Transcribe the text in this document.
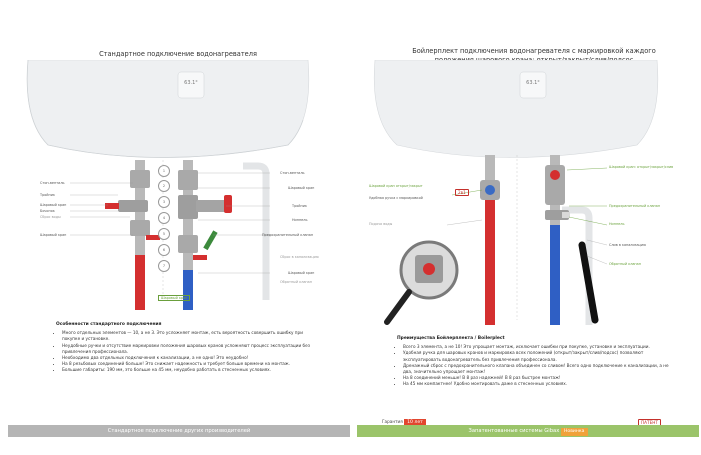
Стандартное подключение водонагревателя
63.1°
1
2
3
4
5
6
7
Стоп-вентиль
Тройник
Шаровый кран
Бочонок
Сброс воды
Шаровый кран
Стоп-вентиль
Шаровый кран
Тройник
Ниппель
Предохранительный клапан
Сброс в канализацию
Шаровый кран
Обратный клапан
ГВС
ХВС
Шаровый кран
Особенности стандартного подключения
• Много отдельных элементов — 10, а не 3. Это усложняет монтаж, есть вероятность совершить ошибку при покупке и установке.
• Неудобные ручки и отсутствие маркировки положения шаровых кранов усложняют процесс эксплуатации без привлечения профессионала.
• Необходимо два отдельных подключения к канализации, а не одно! Это неудобно!
• На 8 резьбовых соединений больше! Это снижает надежность и требует больше времени на монтаж.
• Большие габариты: 190 мм, это больше на 45 мм, неудобно работать в стесненных условиях.
Стандартное подключение других производителей
Бойлерплект подключения водонагревателя с маркировкой каждого
63.1°
Шаровой кран открыт/закрыт
Удобная ручка с маркировкой
Подача воды
2в1
Шаровой кран: открыт/закрыт/слив
Предохранительный клапан
Ниппель
Слив в канализацию
Обратный клапан
Преимущества Бойлерплекта / Boilerplect
• Всего 3 элемента, а не 10! Это упрощает монтаж, исключает ошибки при покупке, установке и эксплуатации.
• Удобная ручка для шаровых кранов и маркировка всех положений (открыт/закрыт/слив/подсос) позволяют эксплуатировать водонагреватель без привлечения профессионала.
• Дренажный сброс с предохранительного клапана объединен со сливом! Всего одно подключение к канализации, а не два, значительно упрощает монтаж!
• На 8 соединений меньше! В 8 раз надежней! В 8 раз быстрее монтаж!
• На 45 мм компактнее! Удобно монтировать даже в стесненных условиях.
Гарантия 10 лет	ПАТЕНТ
Запатентованные системы Gibax Новинка
